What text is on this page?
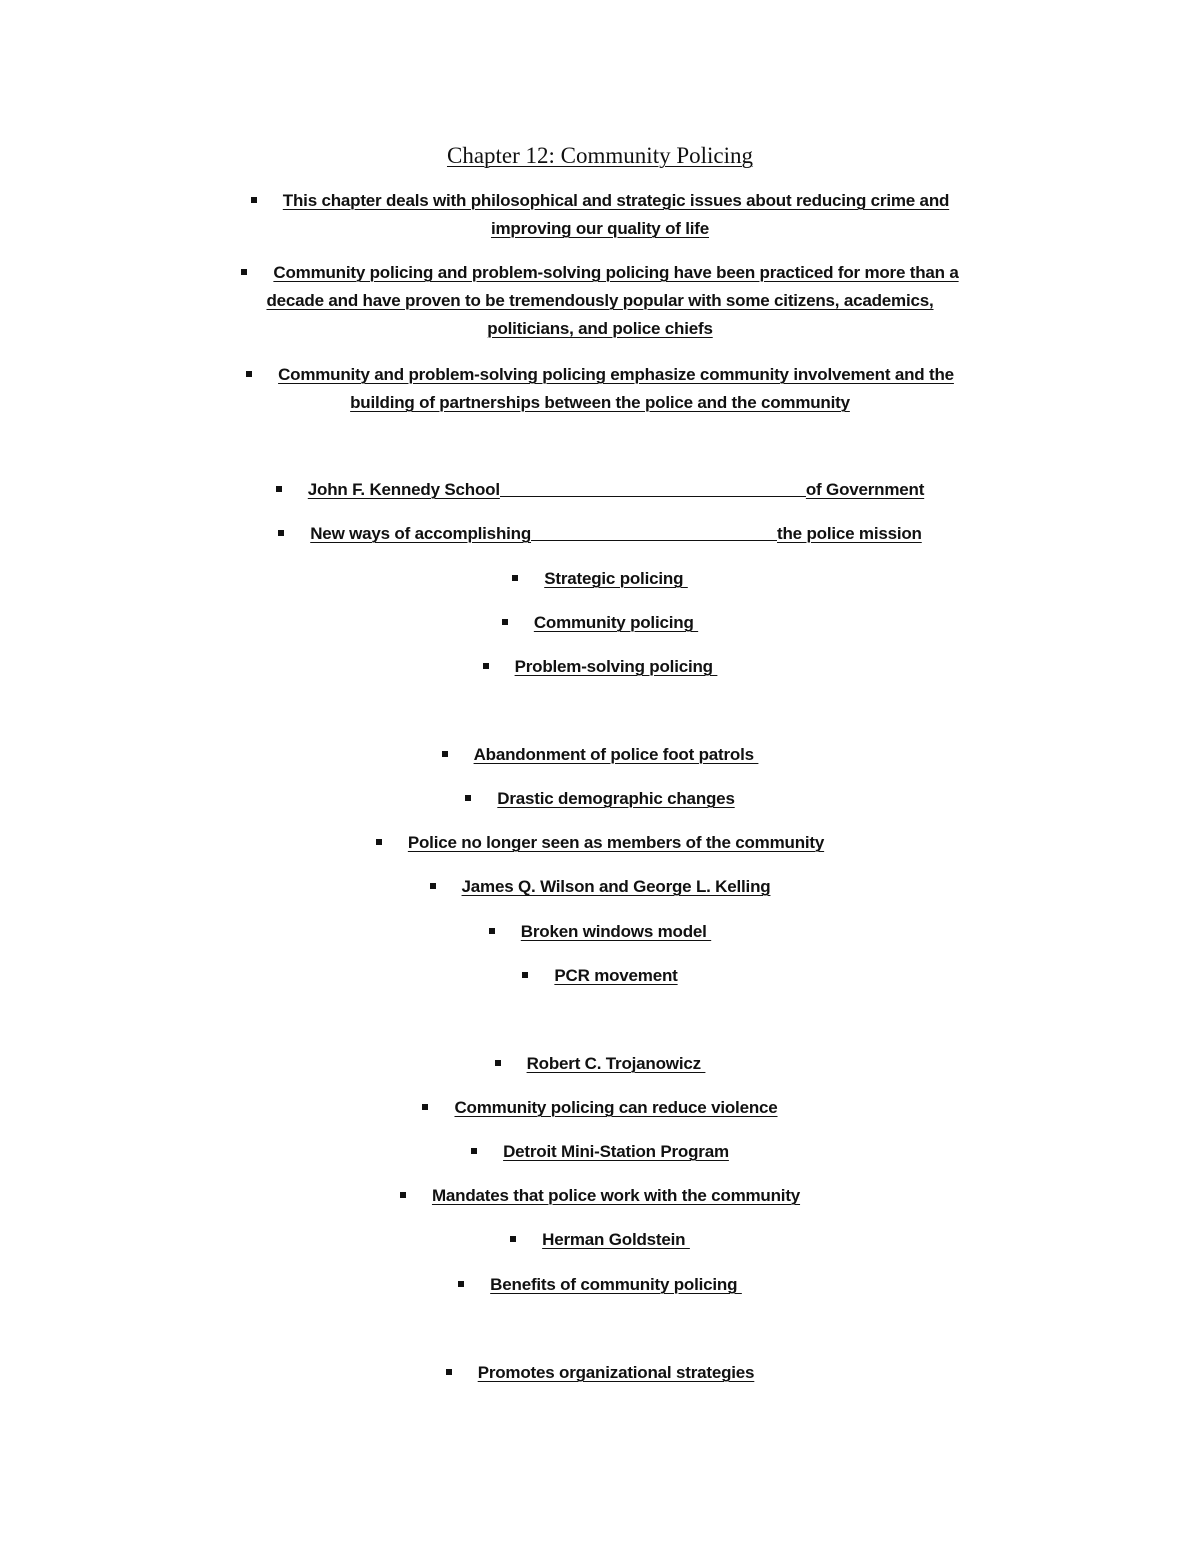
Chapter 12: Community Policing
This chapter deals with philosophical and strategic issues about reducing crime and
improving our quality of life
Community policing and problem-solving policing have been practiced for more than a
decade and have proven to be tremendously popular with some citizens, academics,
politicians, and police chiefs
Community and problem-solving policing emphasize community involvement and the
building of partnerships between the police and the community
John F. Kennedy School	of Government
New ways of accomplishing	the police mission
Strategic policing
Community policing
Problem-solving policing
Abandonment of police foot patrols
Drastic demographic changes
Police no longer seen as members of the community
James Q. Wilson and George L. Kelling
Broken windows model
PCR movement
Robert C. Trojanowicz
Community policing can reduce violence
Detroit Mini-Station Program
Mandates that police work with the community
Herman Goldstein
Benefits of community policing
Promotes organizational strategies
